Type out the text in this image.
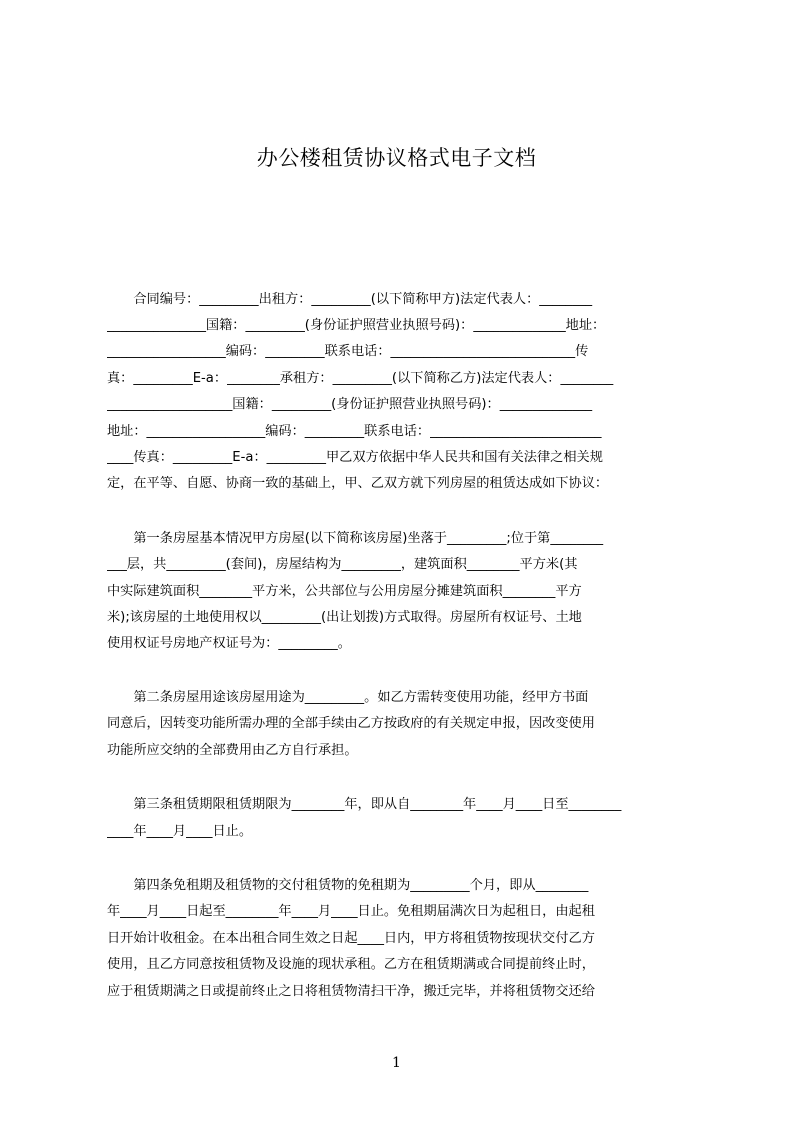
办公楼租赁协议格式电子文档
　　合同编号：_________出租方：_________(以下简称甲方)法定代表人：________
_______________国籍：_________(身份证护照营业执照号码)：______________地址：
__________________编码：_________联系电话：____________________________传
真：_________E-a：________承租方：_________(以下简称乙方)法定代表人：________
___________________国籍：_________(身份证护照营业执照号码)：______________
地址：__________________编码：_________联系电话：__________________________
____传真：_________E-a：_________甲乙双方依据中华人民共和国有关法律之相关规
定，在平等、自愿、协商一致的基础上，甲、乙双方就下列房屋的租赁达成如下协议：
　　第一条房屋基本情况甲方房屋(以下简称该房屋)坐落于_________;位于第________
___层，共_________(套间)，房屋结构为_________，建筑面积________平方米(其
中实际建筑面积________平方米，公共部位与公用房屋分摊建筑面积________平方
米);该房屋的土地使用权以_________(出让划拨)方式取得。房屋所有权证号、土地
使用权证号房地产权证号为：_________。
　　第二条房屋用途该房屋用途为_________。如乙方需转变使用功能，经甲方书面
同意后，因转变功能所需办理的全部手续由乙方按政府的有关规定申报，因改变使用
功能所应交纳的全部费用由乙方自行承担。
　　第三条租赁期限租赁期限为________年，即从自________年____月____日至________
____年____月____日止。
　　第四条免租期及租赁物的交付租赁物的免租期为_________个月，即从________
年____月____日起至________年____月____日止。免租期届满次日为起租日，由起租
日开始计收租金。在本出租合同生效之日起____日内，甲方将租赁物按现状交付乙方
使用，且乙方同意按租赁物及设施的现状承租。乙方在租赁期满或合同提前终止时，
应于租赁期满之日或提前终止之日将租赁物清扫干净，搬迁完毕，并将租赁物交还给
1
